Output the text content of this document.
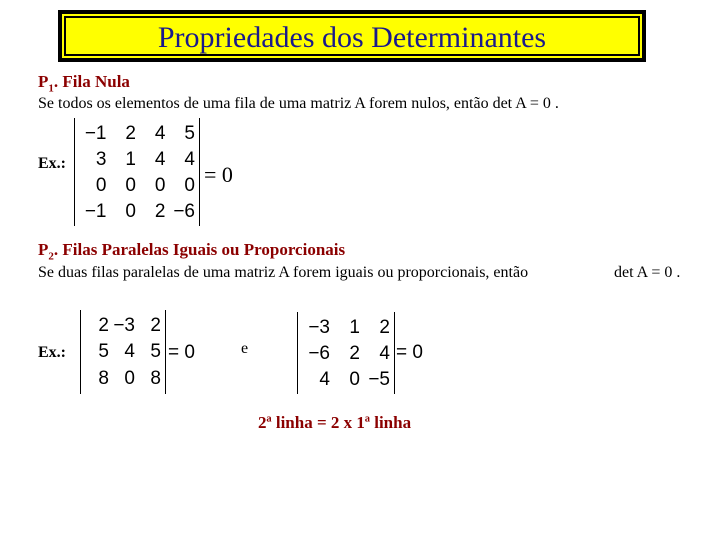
Propriedades dos Determinantes
$P_1$. Fila Nula
Se todos os elementos de uma fila de uma matriz A forem nulos, então det A = 0 .
Ex.:
−1 2 4 5
3 1 4 4
0 0 0 0
−1 0 2 −6
= 0
$P_2$. Filas Paralelas Iguais ou Proporcionais
Se duas filas paralelas de uma matriz A forem iguais ou proporcionais, então	det A = 0 .
Ex.:
2 −3 2
5 4 5
8 0 8
= 0	e
−3	1	2
−6	2	4
4	0 −5
= 0
2ª linha = 2 x 1ª linha
